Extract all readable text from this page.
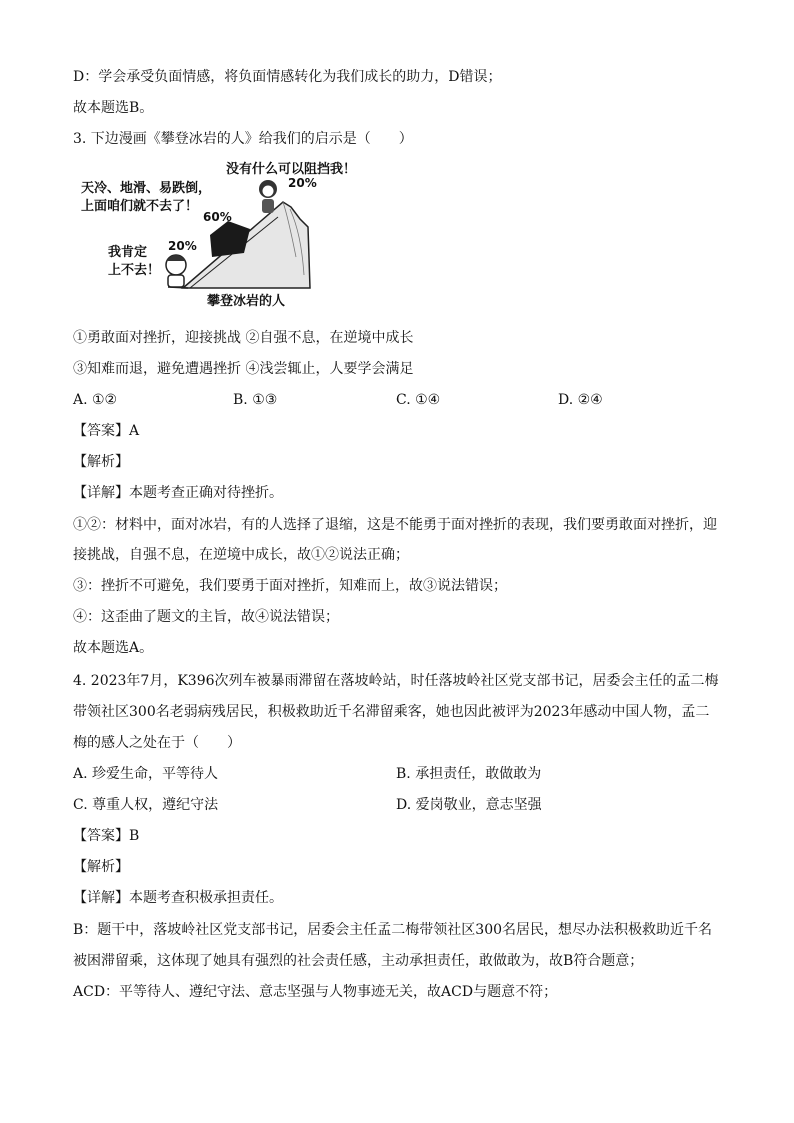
D：学会承受负面情感，将负面情感转化为我们成长的助力，D错误；
故本题选B。
3. 下边漫画《攀登冰岩的人》给我们的启示是（　　）
没有什么可以阻挡我！
20%
天冷、地滑、易跌倒，
上面咱们就不去了！
60%
我肯定
上不去！
20%
攀登冰岩的人
①勇敢面对挫折，迎接挑战 ②自强不息，在逆境中成长
③知难而退，避免遭遇挫折 ④浅尝辄止，人要学会满足
A. ①②	B. ①③	C. ①④	D. ②④
【答案】A
【解析】
【详解】本题考查正确对待挫折。
①②：材料中，面对冰岩，有的人选择了退缩，这是不能勇于面对挫折的表现，我们要勇敢面对挫折，迎
接挑战，自强不息，在逆境中成长，故①②说法正确；
③：挫折不可避免，我们要勇于面对挫折，知难而上，故③说法错误；
④：这歪曲了题文的主旨，故④说法错误；
故本题选A。
4. 2023年7月，K396次列车被暴雨滞留在落坡岭站，时任落坡岭社区党支部书记，居委会主任的孟二梅
带领社区300名老弱病残居民，积极救助近千名滞留乘客，她也因此被评为2023年感动中国人物，孟二
梅的感人之处在于（　　）
A. 珍爱生命，平等待人	B. 承担责任，敢做敢为
C. 尊重人权，遵纪守法	D. 爱岗敬业，意志坚强
【答案】B
【解析】
【详解】本题考查积极承担责任。
B：题干中，落坡岭社区党支部书记，居委会主任孟二梅带领社区300名居民，想尽办法积极救助近千名
被困滞留乘，这体现了她具有强烈的社会责任感，主动承担责任，敢做敢为，故B符合题意；
ACD：平等待人、遵纪守法、意志坚强与人物事迹无关，故ACD与题意不符；
